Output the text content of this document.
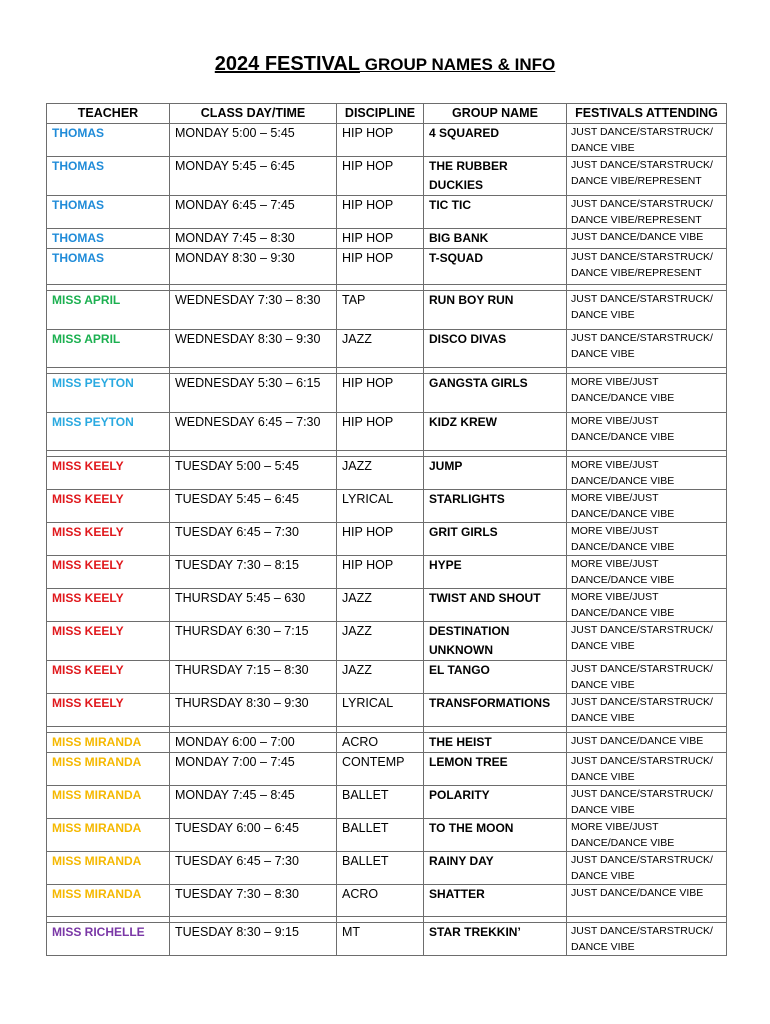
2024 FESTIVAL GROUP NAMES & INFO
TEACHER	CLASS DAY/TIME	DISCIPLINE	GROUP NAME	FESTIVALS ATTENDING
THOMAS	MONDAY 5:00 – 5:45	HIP HOP	4 SQUARED	JUST DANCE/STARSTRUCK/ DANCE VIBE
THOMAS	MONDAY 5:45 – 6:45	HIP HOP	THE RUBBER DUCKIES	JUST DANCE/STARSTRUCK/ DANCE VIBE/REPRESENT
THOMAS	MONDAY 6:45 – 7:45	HIP HOP	TIC TIC	JUST DANCE/STARSTRUCK/ DANCE VIBE/REPRESENT
THOMAS	MONDAY 7:45 – 8:30	HIP HOP	BIG BANK	JUST DANCE/DANCE VIBE
THOMAS	MONDAY 8:30 – 9:30	HIP HOP	T-SQUAD	JUST DANCE/STARSTRUCK/ DANCE VIBE/REPRESENT

MISS APRIL	WEDNESDAY 7:30 – 8:30	TAP	RUN BOY RUN	JUST DANCE/STARSTRUCK/ DANCE VIBE
MISS APRIL	WEDNESDAY 8:30 – 9:30	JAZZ	DISCO DIVAS	JUST DANCE/STARSTRUCK/ DANCE VIBE

MISS PEYTON	WEDNESDAY 5:30 – 6:15	HIP HOP	GANGSTA GIRLS	MORE VIBE/JUST DANCE/DANCE VIBE
MISS PEYTON	WEDNESDAY 6:45 – 7:30	HIP HOP	KIDZ KREW	MORE VIBE/JUST DANCE/DANCE VIBE

MISS KEELY	TUESDAY 5:00 – 5:45	JAZZ	JUMP	MORE VIBE/JUST DANCE/DANCE VIBE
MISS KEELY	TUESDAY 5:45 – 6:45	LYRICAL	STARLIGHTS	MORE VIBE/JUST DANCE/DANCE VIBE
MISS KEELY	TUESDAY 6:45 – 7:30	HIP HOP	GRIT GIRLS	MORE VIBE/JUST DANCE/DANCE VIBE
MISS KEELY	TUESDAY 7:30 – 8:15	HIP HOP	HYPE	MORE VIBE/JUST DANCE/DANCE VIBE
MISS KEELY	THURSDAY 5:45 – 630	JAZZ	TWIST AND SHOUT	MORE VIBE/JUST DANCE/DANCE VIBE
MISS KEELY	THURSDAY 6:30 – 7:15	JAZZ	DESTINATION UNKNOWN	JUST DANCE/STARSTRUCK/ DANCE VIBE
MISS KEELY	THURSDAY 7:15 – 8:30	JAZZ	EL TANGO	JUST DANCE/STARSTRUCK/ DANCE VIBE
MISS KEELY	THURSDAY 8:30 – 9:30	LYRICAL	TRANSFORMATIONS	JUST DANCE/STARSTRUCK/ DANCE VIBE

MISS MIRANDA	MONDAY 6:00 – 7:00	ACRO	THE HEIST	JUST DANCE/DANCE VIBE
MISS MIRANDA	MONDAY 7:00 – 7:45	CONTEMP	LEMON TREE	JUST DANCE/STARSTRUCK/ DANCE VIBE
MISS MIRANDA	MONDAY 7:45 – 8:45	BALLET	POLARITY	JUST DANCE/STARSTRUCK/ DANCE VIBE
MISS MIRANDA	TUESDAY 6:00 – 6:45	BALLET	TO THE MOON	MORE VIBE/JUST DANCE/DANCE VIBE
MISS MIRANDA	TUESDAY 6:45 – 7:30	BALLET	RAINY DAY	JUST DANCE/STARSTRUCK/ DANCE VIBE
MISS MIRANDA	TUESDAY 7:30 – 8:30	ACRO	SHATTER	JUST DANCE/DANCE VIBE

MISS RICHELLE	TUESDAY 8:30 – 9:15	MT	STAR TREKKIN’	JUST DANCE/STARSTRUCK/ DANCE VIBE
